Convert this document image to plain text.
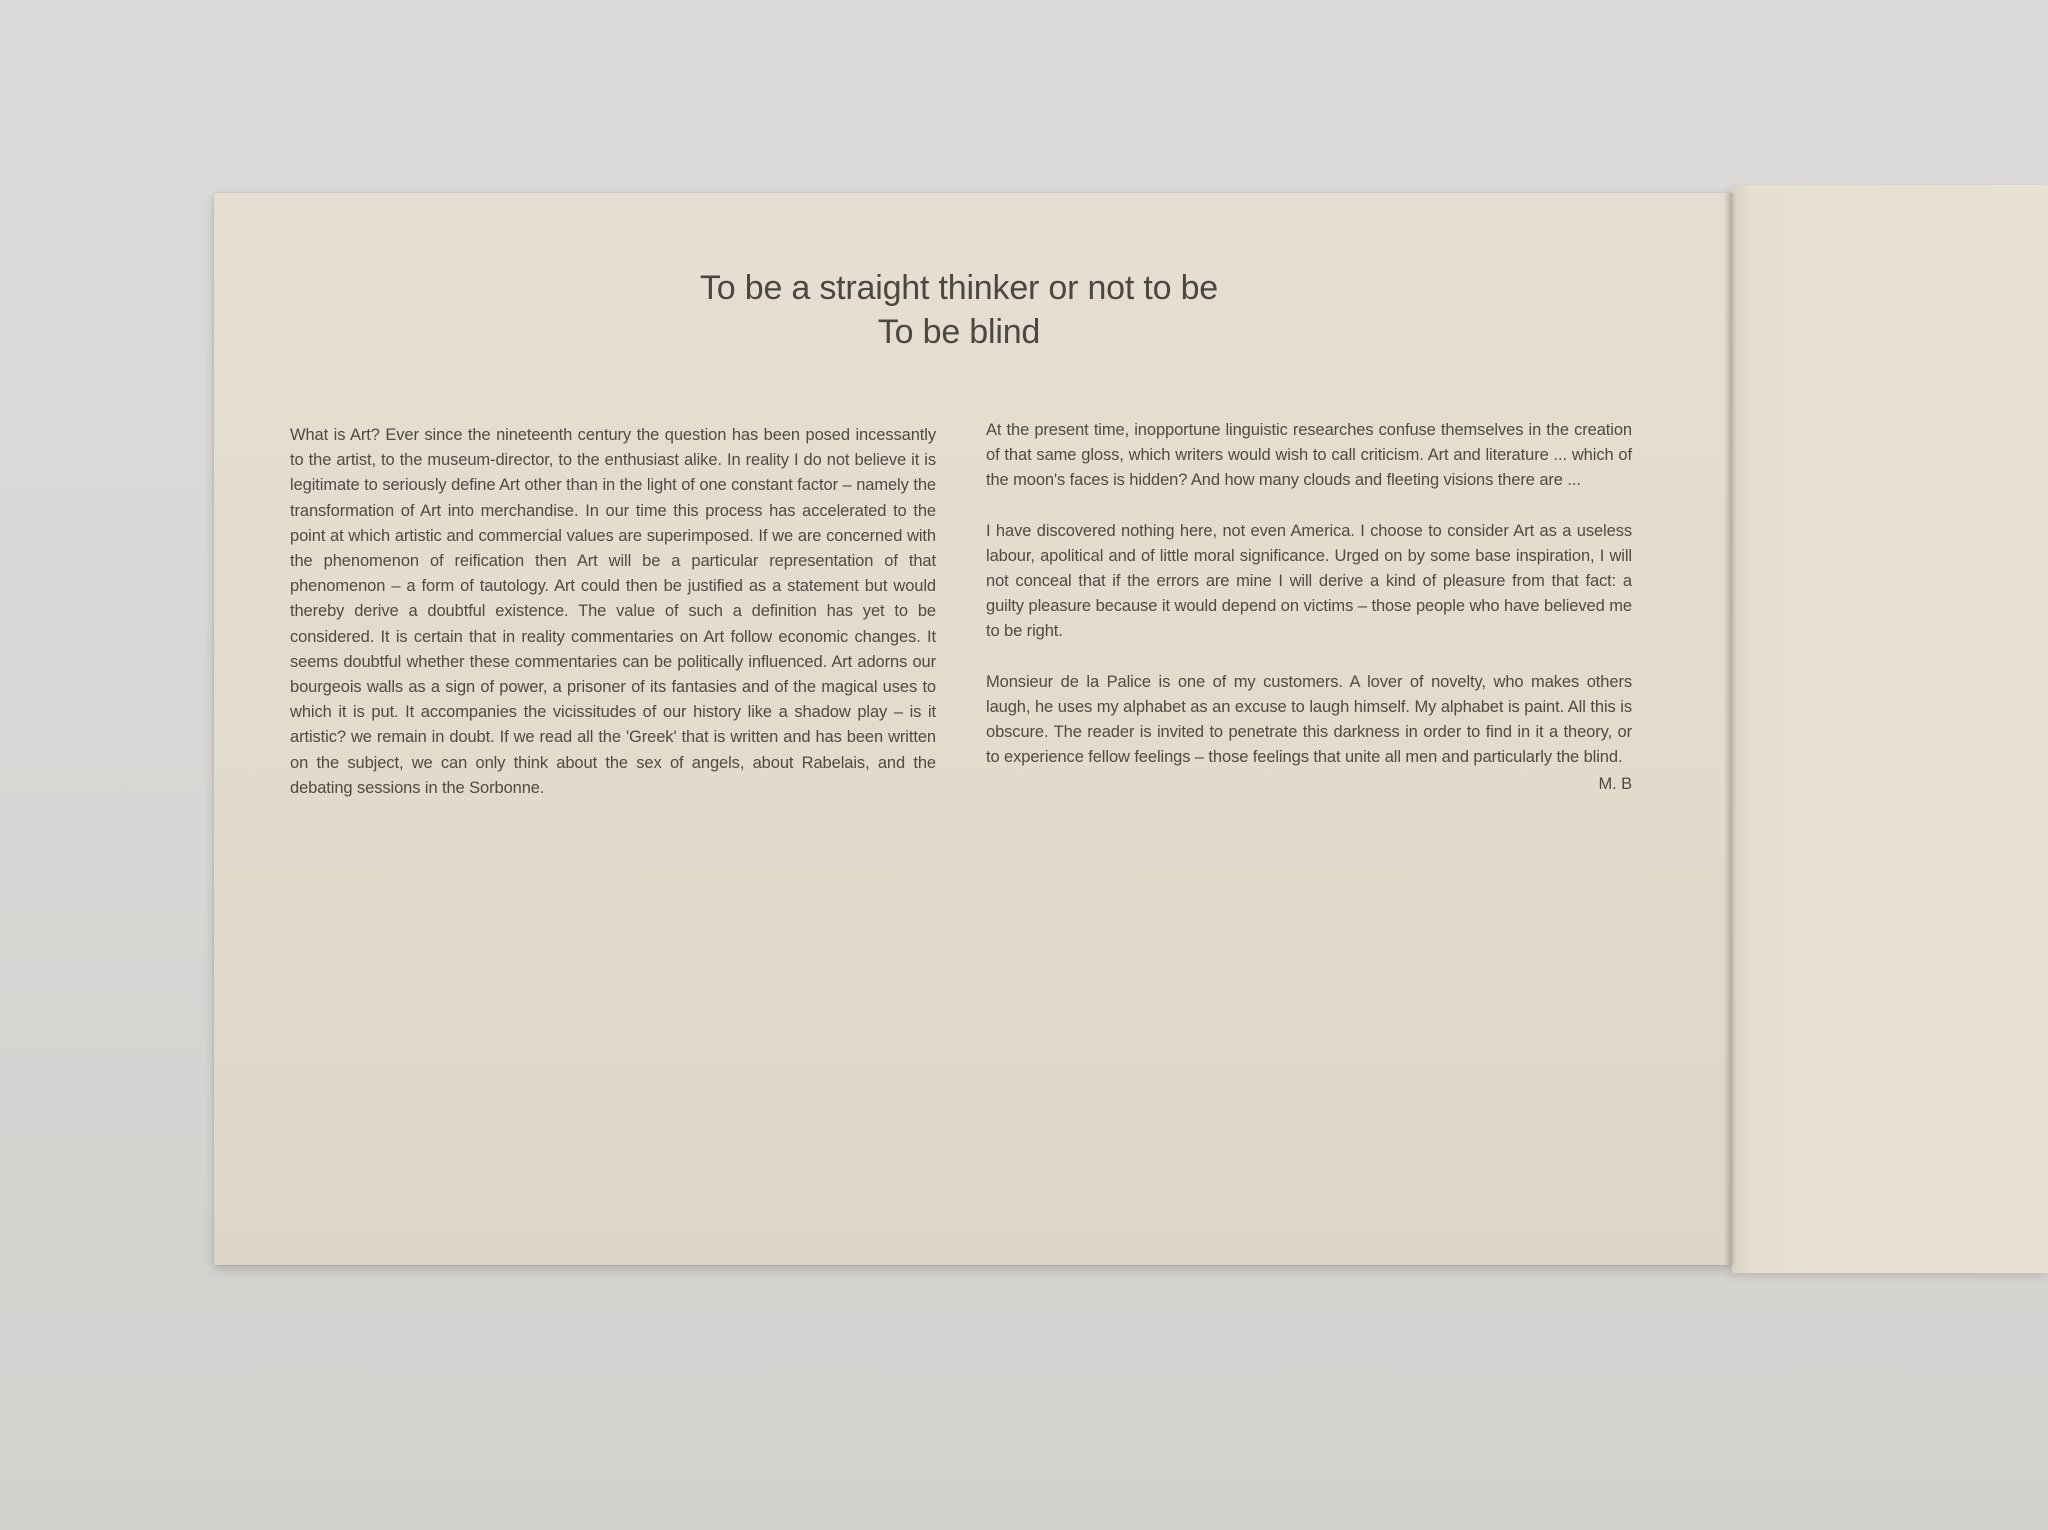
To be a straight thinker or not to be
To be blind

What is Art? Ever since the nineteenth century the question has been posed incessantly to the artist, to the museum-director, to the enthusiast alike. In reality I do not believe it is legitimate to seriously define Art other than in the light of one constant factor – namely the transformation of Art into merchandise. In our time this process has accelerated to the point at which artistic and commercial values are superimposed. If we are concerned with the phenomenon of reification then Art will be a particular representation of that phenomenon – a form of tautology. Art could then be justified as a statement but would thereby derive a doubtful existence. The value of such a definition has yet to be considered. It is certain that in reality commentaries on Art follow economic changes. It seems doubtful whether these commentaries can be politically influenced. Art adorns our bourgeois walls as a sign of power, a prisoner of its fantasies and of the magical uses to which it is put. It accompanies the vicissitudes of our history like a shadow play – is it artistic? we remain in doubt. If we read all the 'Greek' that is written and has been written on the subject, we can only think about the sex of angels, about Rabelais, and the debating sessions in the Sorbonne.

At the present time, inopportune linguistic researches confuse themselves in the creation of that same gloss, which writers would wish to call criticism. Art and literature ... which of the moon's faces is hidden? And how many clouds and fleeting visions there are ...

I have discovered nothing here, not even America. I choose to consider Art as a useless labour, apolitical and of little moral significance. Urged on by some base inspiration, I will not conceal that if the errors are mine I will derive a kind of pleasure from that fact: a guilty pleasure because it would depend on victims – those people who have believed me to be right.

Monsieur de la Palice is one of my customers. A lover of novelty, who makes others laugh, he uses my alphabet as an excuse to laugh himself. My alphabet is paint. All this is obscure. The reader is invited to penetrate this darkness in order to find in it a theory, or to experience fellow feelings – those feelings that unite all men and particularly the blind.

M. B
